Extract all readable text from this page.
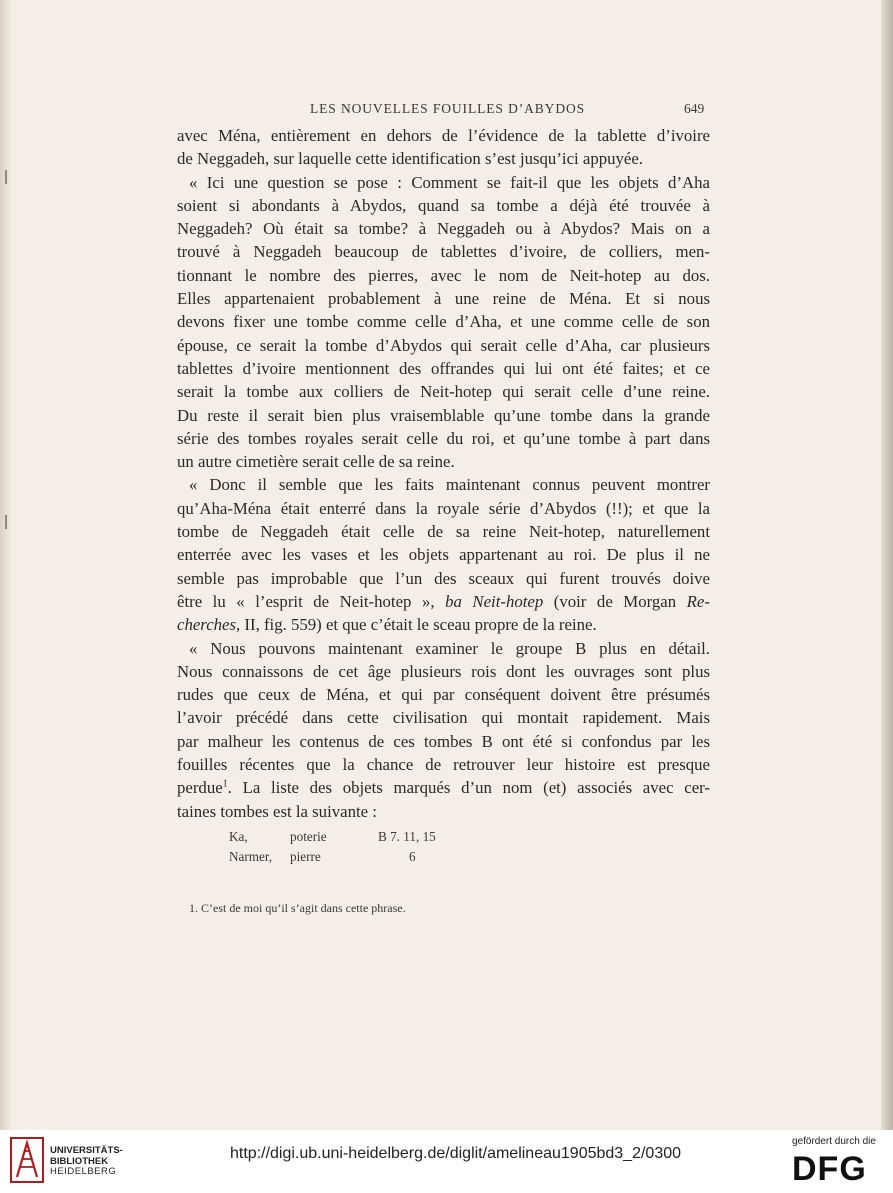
LES NOUVELLES FOUILLES D’ABYDOS	649
avec Ména, entièrement en dehors de l’évidence de la tablette d’ivoire
de Neggadeh, sur laquelle cette identification s’est jusqu’ici appuyée.
« Ici une question se pose : Comment se fait-il que les objets d’Aha
soient si abondants à Abydos, quand sa tombe a déjà été trouvée à
Neggadeh? Où était sa tombe? à Neggadeh ou à Abydos? Mais on a
trouvé à Neggadeh beaucoup de tablettes d’ivoire, de colliers, men-
tionnant le nombre des pierres, avec le nom de Neit-hotep au dos.
Elles appartenaient probablement à une reine de Ména. Et si nous
devons fixer une tombe comme celle d’Aha, et une comme celle de son
épouse, ce serait la tombe d’Abydos qui serait celle d’Aha, car plusieurs
tablettes d’ivoire mentionnent des offrandes qui lui ont été faites; et ce
serait la tombe aux colliers de Neit-hotep qui serait celle d’une reine.
Du reste il serait bien plus vraisemblable qu’une tombe dans la grande
série des tombes royales serait celle du roi, et qu’une tombe à part dans
un autre cimetière serait celle de sa reine.
« Donc il semble que les faits maintenant connus peuvent montrer
qu’Aha-Ména était enterré dans la royale série d’Abydos (!!); et que la
tombe de Neggadeh était celle de sa reine Neit-hotep, naturellement
enterrée avec les vases et les objets appartenant au roi. De plus il ne
semble pas improbable que l’un des sceaux qui furent trouvés doive
être lu « l’esprit de Neit-hotep », ba Neit-hotep (voir de Morgan Re-
cherches, II, fig. 559) et que c’était le sceau propre de la reine.
« Nous pouvons maintenant examiner le groupe B plus en détail.
Nous connaissons de cet âge plusieurs rois dont les ouvrages sont plus
rudes que ceux de Ména, et qui par conséquent doivent être présumés
l’avoir précédé dans cette civilisation qui montait rapidement. Mais
par malheur les contenus de ces tombes B ont été si confondus par les
fouilles récentes que la chance de retrouver leur histoire est presque
perdue$^1$. La liste des objets marqués d’un nom (et) associés avec cer-
taines tombes est la suivante :
Ka,	poterie	B 7. 11, 15
Narmer, pierre	6
1. C’est de moi qu’il s’agit dans cette phrase.
UNIVERSITÄTS-
BIBLIOTHEK
HEIDELBERG
http://digi.ub.uni-heidelberg.de/diglit/amelineau1905bd3_2/0300
gefördert durch die
DFG
